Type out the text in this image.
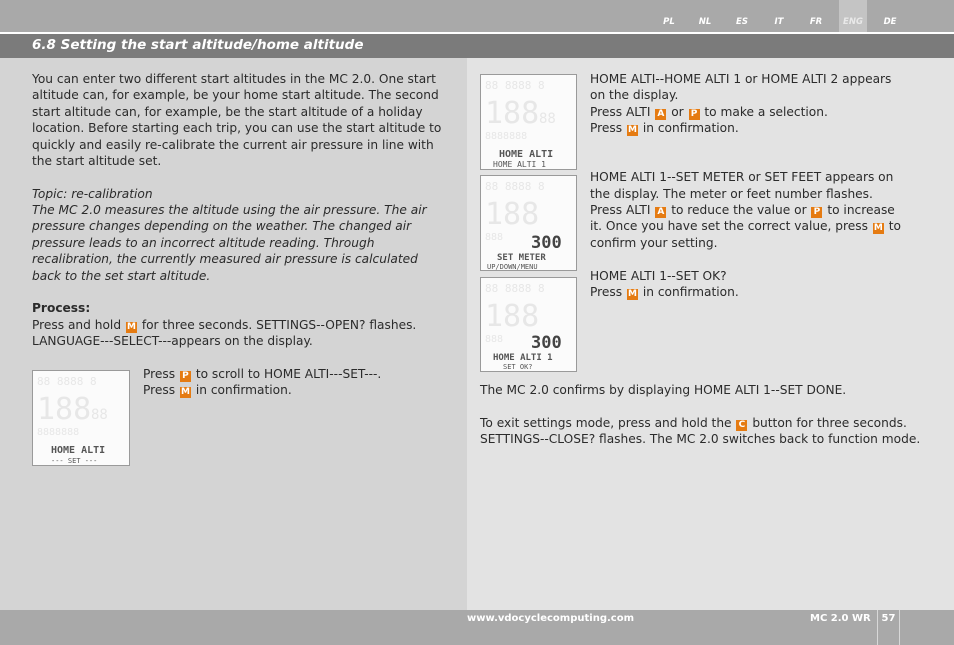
PL	NL	ES	IT	FR	ENG	DE
6.8 Setting the start altitude/home altitude
You can enter two different start altitudes in the MC 2.0. One start altitude can, for example, be your home start altitude. The second start altitude can, for example, be the start altitude of a holiday location. Before starting each trip, you can use the start altitude to quickly and easily re-calibrate the current air pressure in line with the start altitude set.
Topic: re-calibration
The MC 2.0 measures the altitude using the air pressure. The air pressure changes depending on the weather. The changed air pressure leads to an incorrect altitude reading. Through recalibration, the currently measured air pressure is calculated back to the set start altitude.
Process:
Press and hold M for three seconds. SETTINGS--OPEN? flashes.
LANGUAGE---SELECT---appears on the display.
88 8888 8
188 88
8888888
HOME ALTI
--- SET ---
Press P to scroll to HOME ALTI---SET---.
Press M in confirmation.
88 8888 8
188 88
8888888
HOME ALTI
HOME ALTI 1
HOME ALTI--HOME ALTI 1 or HOME ALTI 2 appears
on the display.
Press ALTI A or P to make a selection.
Press M in confirmation.
88 8888 8
188
888 300
SET METER
UP/DOWN/MENU
HOME ALTI 1--SET METER or SET FEET appears on
the display. The meter or feet number flashes.
Press ALTI A to reduce the value or P to increase
it. Once you have set the correct value, press M to
confirm your setting.
88 8888 8
188
888 300
HOME ALTI 1
SET OK?
HOME ALTI 1--SET OK?
Press M in confirmation.
The MC 2.0 confirms by displaying HOME ALTI 1--SET DONE.
To exit settings mode, press and hold the C button for three seconds.
SETTINGS--CLOSE? flashes. The MC 2.0 switches back to function mode.
www.vdocyclecomputing.com	MC 2.0 WR	57
